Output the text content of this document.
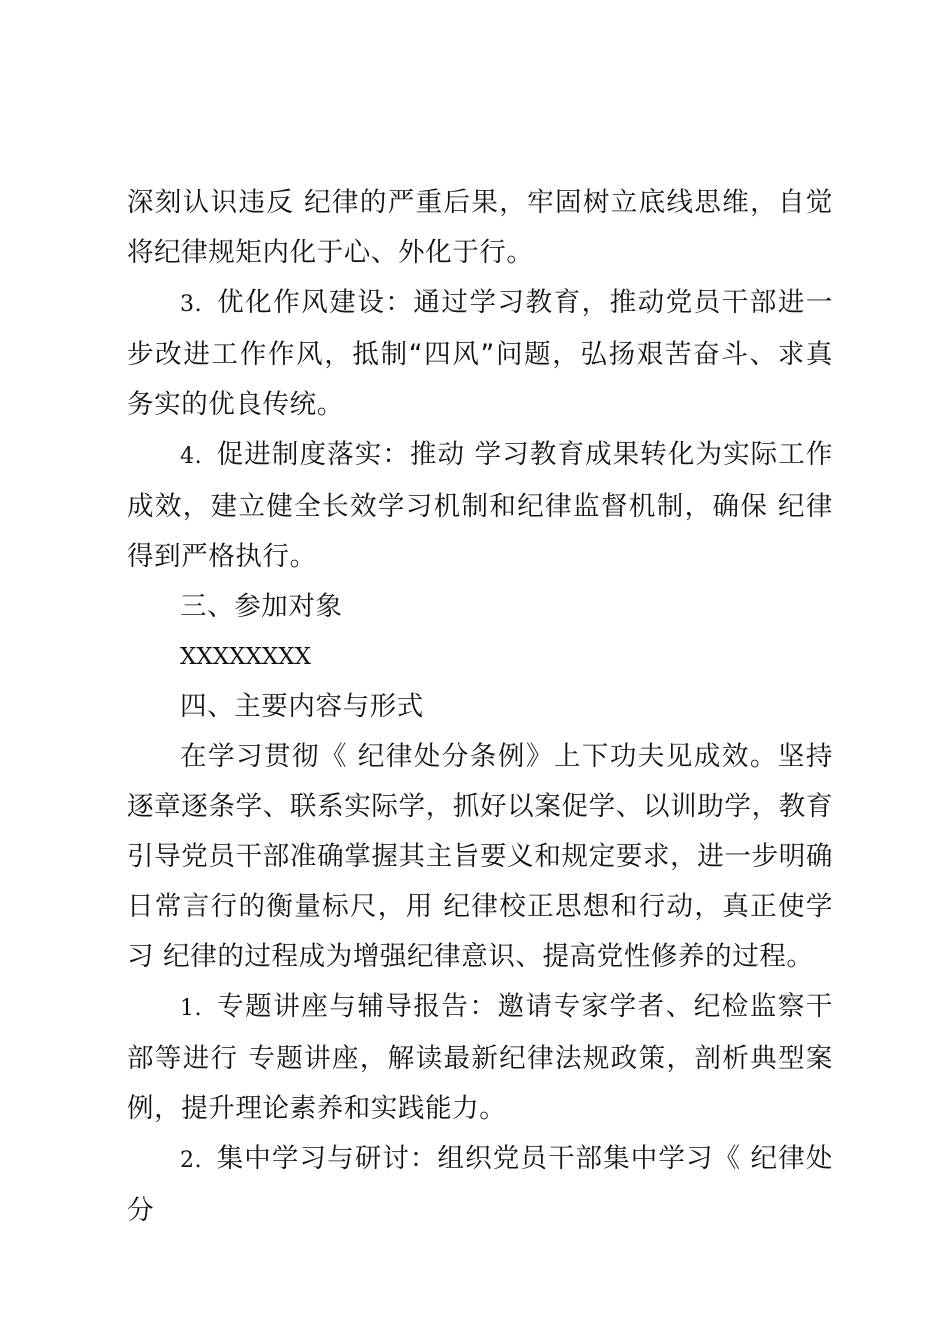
深刻认识违反 纪律的严重后果，牢固树立底线思维，自觉将纪律规矩内化于心、外化于行。

3. 优化作风建设：通过学习教育，推动党员干部进一步改进工作作风，抵制“四风”问题，弘扬艰苦奋斗、求真务实的优良传统。

4. 促进制度落实：推动 学习教育成果转化为实际工作成效，建立健全长效学习机制和纪律监督机制，确保 纪律 得到严格执行。

三、参加对象

XXXXXXXX

四、主要内容与形式

在学习贯彻《 纪律处分条例》上下功夫见成效。坚持逐章逐条学、联系实际学，抓好以案促学、以训助学，教育引导党员干部准确掌握其主旨要义和规定要求，进一步明确日常言行的衡量标尺，用 纪律校正思想和行动，真正使学习 纪律的过程成为增强纪律意识、提高党性修养的过程。

1. 专题讲座与辅导报告：邀请专家学者、纪检监察干部等进行 专题讲座，解读最新纪律法规政策，剖析典型案例，提升理论素养和实践能力。

2. 集中学习与研讨：组织党员干部集中学习《 纪律处分
